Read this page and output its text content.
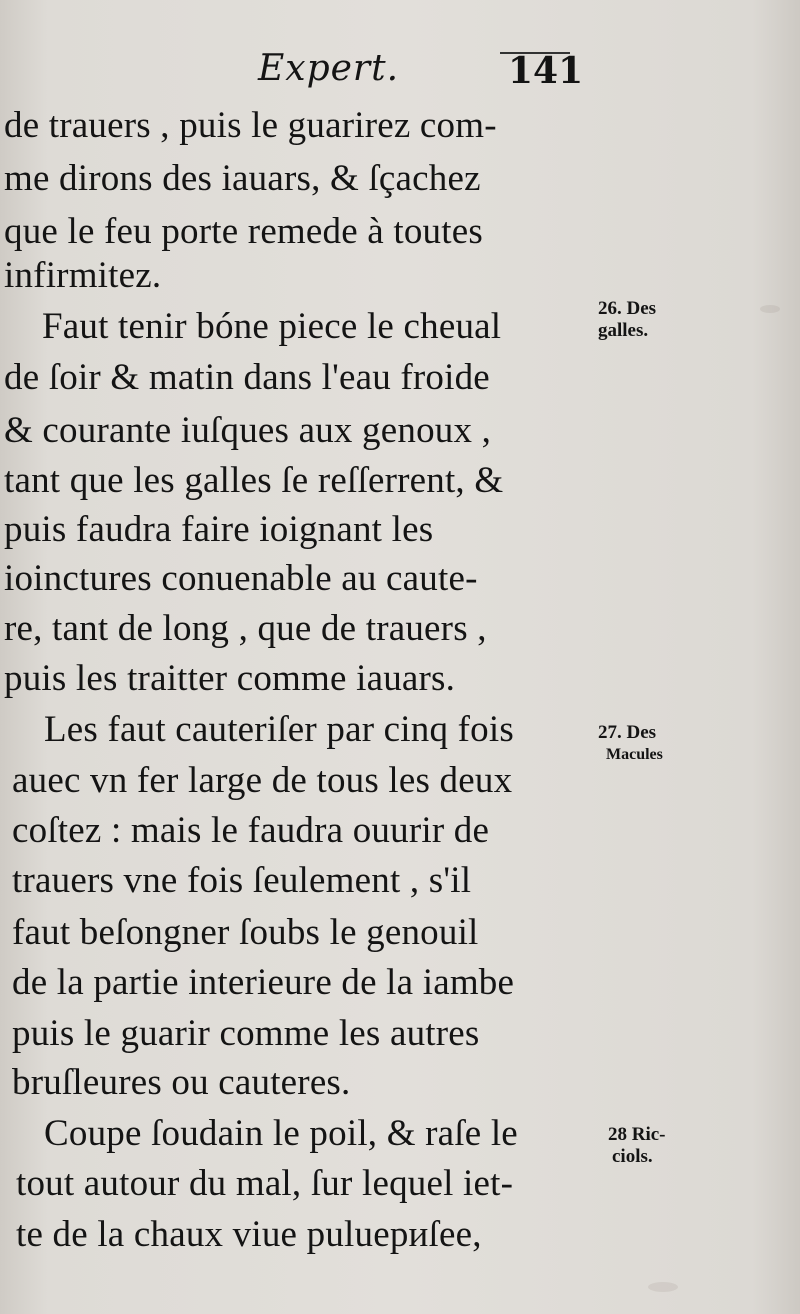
Expert.	141
de trauers , puis le guarirez com-
me dirons des iauars, & ſçachez
que le feu porte remede à toutes
infirmitez.
Faut tenir bóne piece le cheual
de ſoir & matin dans l'eau froide
& courante iuſques aux genoux ,
tant que les galles ſe reſſerrent, &
puis faudra faire ioignant les
ioinctures conuenable au caute-
re, tant de long , que de trauers ,
puis les traitter comme iauars.
Les faut cauteriſer par cinq fois
auec vn fer large de tous les deux
coſtez : mais le faudra ouurir de
trauers vne fois ſeulement , s'il
faut beſongner ſoubs le genouil
de la partie interieure de la iambe
puis le guarir comme les autres
bruſleures ou cauteres.
Coupe ſoudain le poil, & raſe le
tout autour du mal, ſur lequel iet-
te de la chaux viue puluериſee,
26. Des
galles.
27. Des
Macules
28 Ric-
ciols.
